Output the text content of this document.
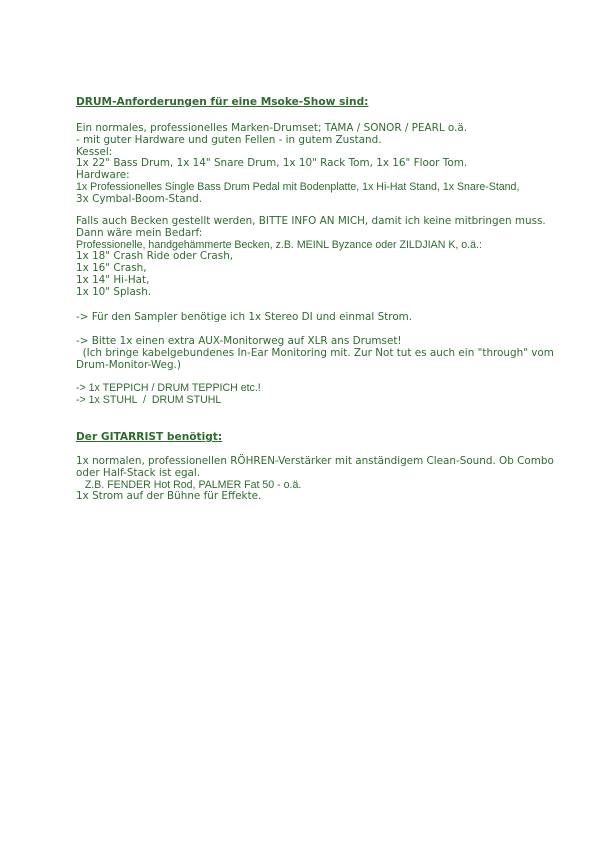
DRUM-Anforderungen für eine Msoke-Show sind:
Ein normales, professionelles Marken-Drumset; TAMA / SONOR / PEARL o.ä.
- mit guter Hardware und guten Fellen - in gutem Zustand.
Kessel:
1x 22" Bass Drum, 1x 14" Snare Drum, 1x 10" Rack Tom, 1x 16" Floor Tom.
Hardware:
1x Professionelles Single Bass Drum Pedal mit Bodenplatte, 1x Hi-Hat Stand, 1x Snare-Stand,
3x Cymbal-Boom-Stand.
Falls auch Becken gestellt werden, BITTE INFO AN MICH, damit ich keine mitbringen muss.
Dann wäre mein Bedarf:
Professionelle, handgehämmerte Becken, z.B. MEINL Byzance oder ZILDJIAN K, o.ä.:
1x 18" Crash Ride oder Crash,
1x 16" Crash,
1x 14" Hi-Hat,
1x 10" Splash.
-> Für den Sampler benötige ich 1x Stereo DI und einmal Strom.
-> Bitte 1x einen extra AUX-Monitorweg auf XLR ans Drumset!
(Ich bringe kabelgebundenes In-Ear Monitoring mit. Zur Not tut es auch ein "through" vom
Drum-Monitor-Weg.)
-> 1x TEPPICH / DRUM TEPPICH etc.!
-> 1x STUHL  /  DRUM STUHL
Der GITARRIST benötigt:
1x normalen, professionellen RÖHREN-Verstärker mit anständigem Clean-Sound. Ob Combo
oder Half-Stack ist egal.
Z.B. FENDER Hot Rod, PALMER Fat 50 - o.ä.
1x Strom auf der Bühne für Effekte.
